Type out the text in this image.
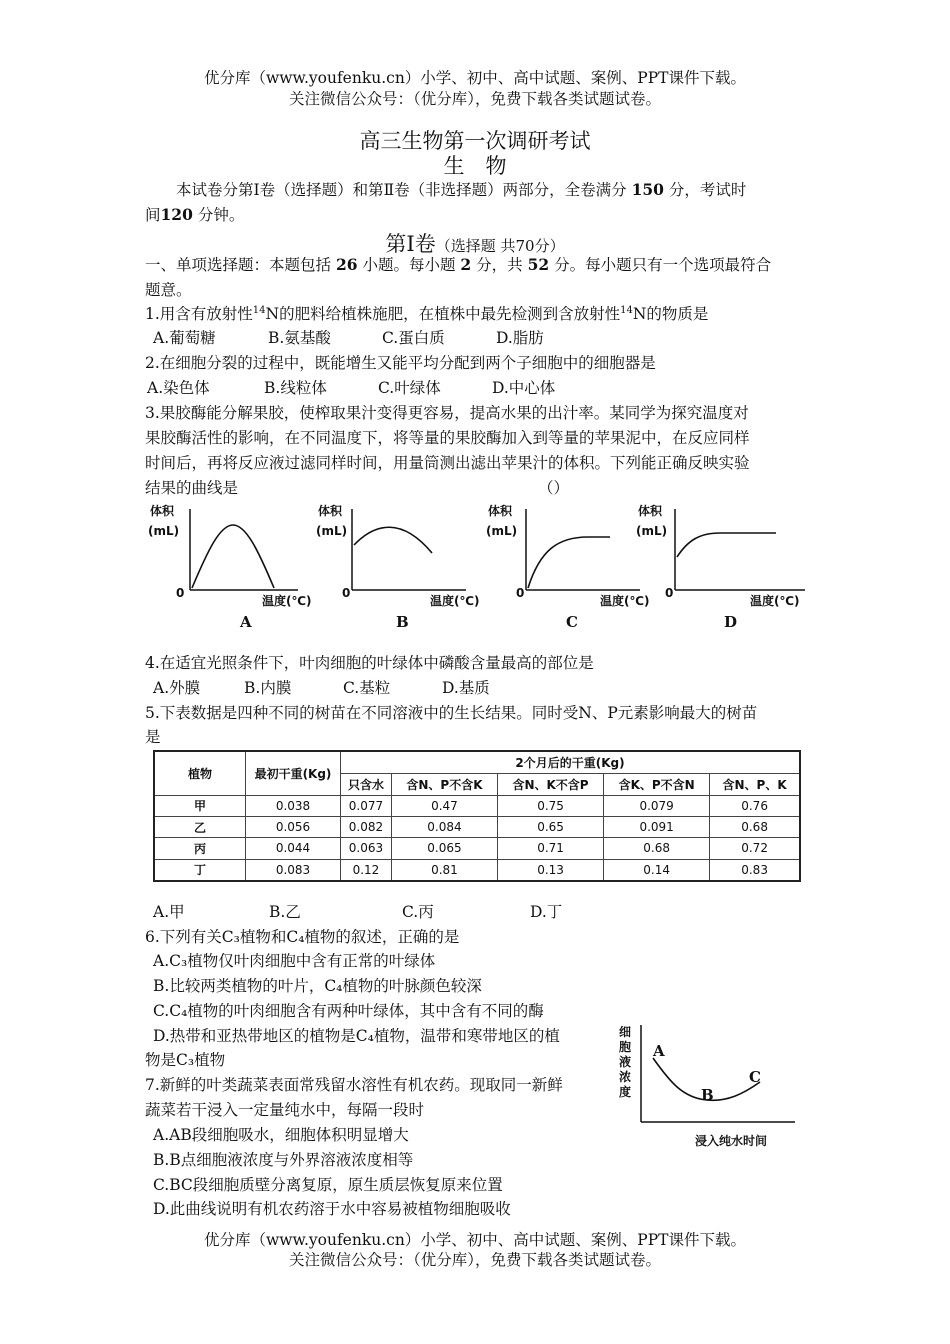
优分库（www.youfenku.cn）小学、初中、高中试题、案例、PPT课件下载。
关注微信公众号：（优分库），免费下载各类试题试卷。
高三生物第一次调研考试
生　物
本试卷分第Ⅰ卷（选择题）和第Ⅱ卷（非选择题）两部分，全卷满分 150 分，考试时
间120 分钟。
第Ⅰ卷（选择题 共70分）
一、单项选择题：本题包括 26 小题。每小题 2 分，共 52 分。每小题只有一个选项最符合
题意。
1.用含有放射性$^{14}$N的肥料给植株施肥，在植株中最先检测到含放射性$^{14}$N的物质是
A.葡萄糖	B.氨基酸	C.蛋白质	D.脂肪
2.在细胞分裂的过程中，既能增生又能平均分配到两个子细胞中的细胞器是
A.染色体	B.线粒体	C.叶绿体	D.中心体
3.果胶酶能分解果胶，使榨取果汁变得更容易，提高水果的出汁率。某同学为探究温度对
果胶酶活性的影响，在不同温度下，将等量的果胶酶加入到等量的苹果泥中，在反应同样
时间后，再将反应液过滤同样时间，用量筒测出滤出苹果汁的体积。下列能正确反映实验
结果的曲线是	（）
体积
(mL)
0
温度(℃)
A
体积
(mL)
0
温度(℃)
B
体积
(mL)
0
温度(℃)
C
体积
(mL)
0
温度(℃)
D
4.在适宜光照条件下，叶肉细胞的叶绿体中磷酸含量最高的部位是
A.外膜	B.内膜	C.基粒	D.基质
5.下表数据是四种不同的树苗在不同溶液中的生长结果。同时受N、P元素影响最大的树苗
是
植物	最初干重(Kg)	2个月后的干重(Kg)				
		只含水	含N、P不含K	含N、K不含P	含K、P不含N	含N、P、K
甲	0.038	0.077	0.47	0.75	0.079	0.76
乙	0.056	0.082	0.084	0.65	0.091	0.68
丙	0.044	0.063	0.065	0.71	0.68	0.72
丁	0.083	0.12	0.81	0.13	0.14	0.83
A.甲	B.乙	C.丙	D.丁
6.下列有关C₃植物和C₄植物的叙述，正确的是
A.C₃植物仅叶肉细胞中含有正常的叶绿体
B.比较两类植物的叶片，C₄植物的叶脉颜色较深
C.C₄植物的叶肉细胞含有两种叶绿体，其中含有不同的酶
D.热带和亚热带地区的植物是C₄植物，温带和寒带地区的植
物是C₃植物
细
胞
液
浓
度
A
B
C
浸入纯水时间
7.新鲜的叶类蔬菜表面常残留水溶性有机农药。现取同一新鲜
蔬菜若干浸入一定量纯水中，每隔一段时
A.AB段细胞吸水，细胞体积明显增大
B.B点细胞液浓度与外界溶液浓度相等
C.BC段细胞质壁分离复原，原生质层恢复原来位置
D.此曲线说明有机农药溶于水中容易被植物细胞吸收
优分库（www.youfenku.cn）小学、初中、高中试题、案例、PPT课件下载。
关注微信公众号：（优分库），免费下载各类试题试卷。
